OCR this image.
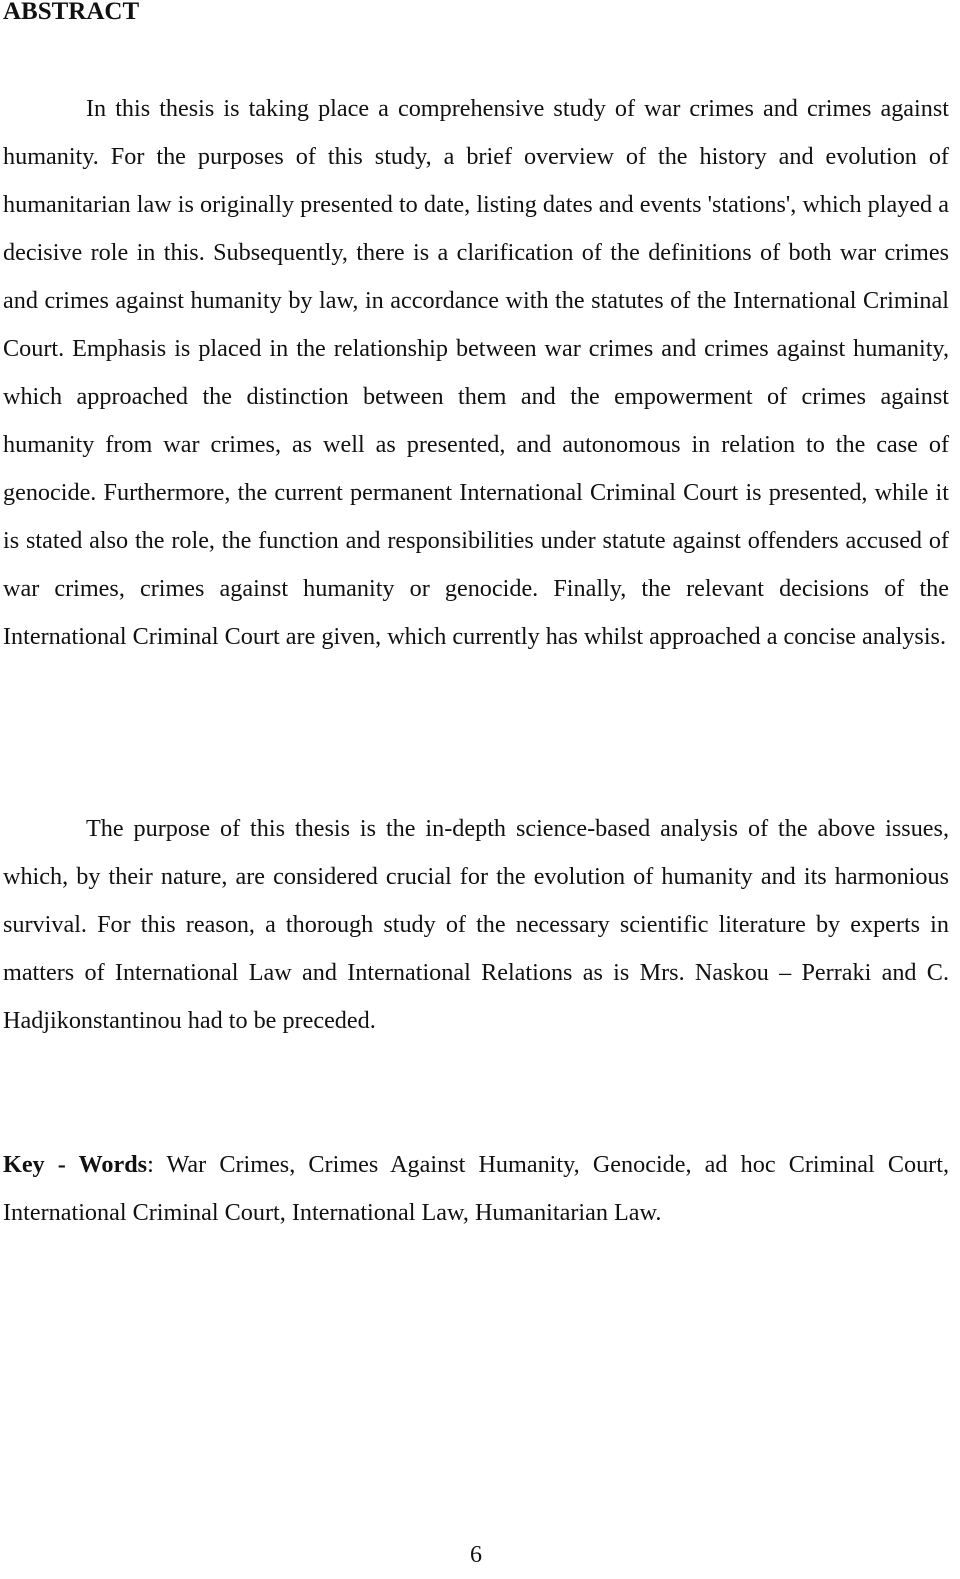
ABSTRACT

In this thesis is taking place a comprehensive study of war crimes and crimes against humanity. For the purposes of this study, a brief overview of the history and evolution of humanitarian law is originally presented to date, listing dates and events 'stations', which played a decisive role in this. Subsequently, there is a clarification of the definitions of both war crimes and crimes against humanity by law, in accordance with the statutes of the International Criminal Court. Emphasis is placed in the relationship between war crimes and crimes against humanity, which approached the distinction between them and the empowerment of crimes against humanity from war crimes, as well as presented, and autonomous in relation to the case of genocide. Furthermore, the current permanent International Criminal Court is presented, while it is stated also the role, the function and responsibilities under statute against offenders accused of war crimes, crimes against humanity or genocide. Finally, the relevant decisions of the International Criminal Court are given, which currently has whilst approached a concise analysis.

The purpose of this thesis is the in-depth science-based analysis of the above issues, which, by their nature, are considered crucial for the evolution of humanity and its harmonious survival. For this reason, a thorough study of the necessary scientific literature by experts in matters of International Law and International Relations as is Mrs. Naskou – Perraki and C. Hadjikonstantinou had to be preceded.

Key - Words: War Crimes, Crimes Against Humanity, Genocide, ad hoc Criminal Court, International Criminal Court, International Law, Humanitarian Law.

6
